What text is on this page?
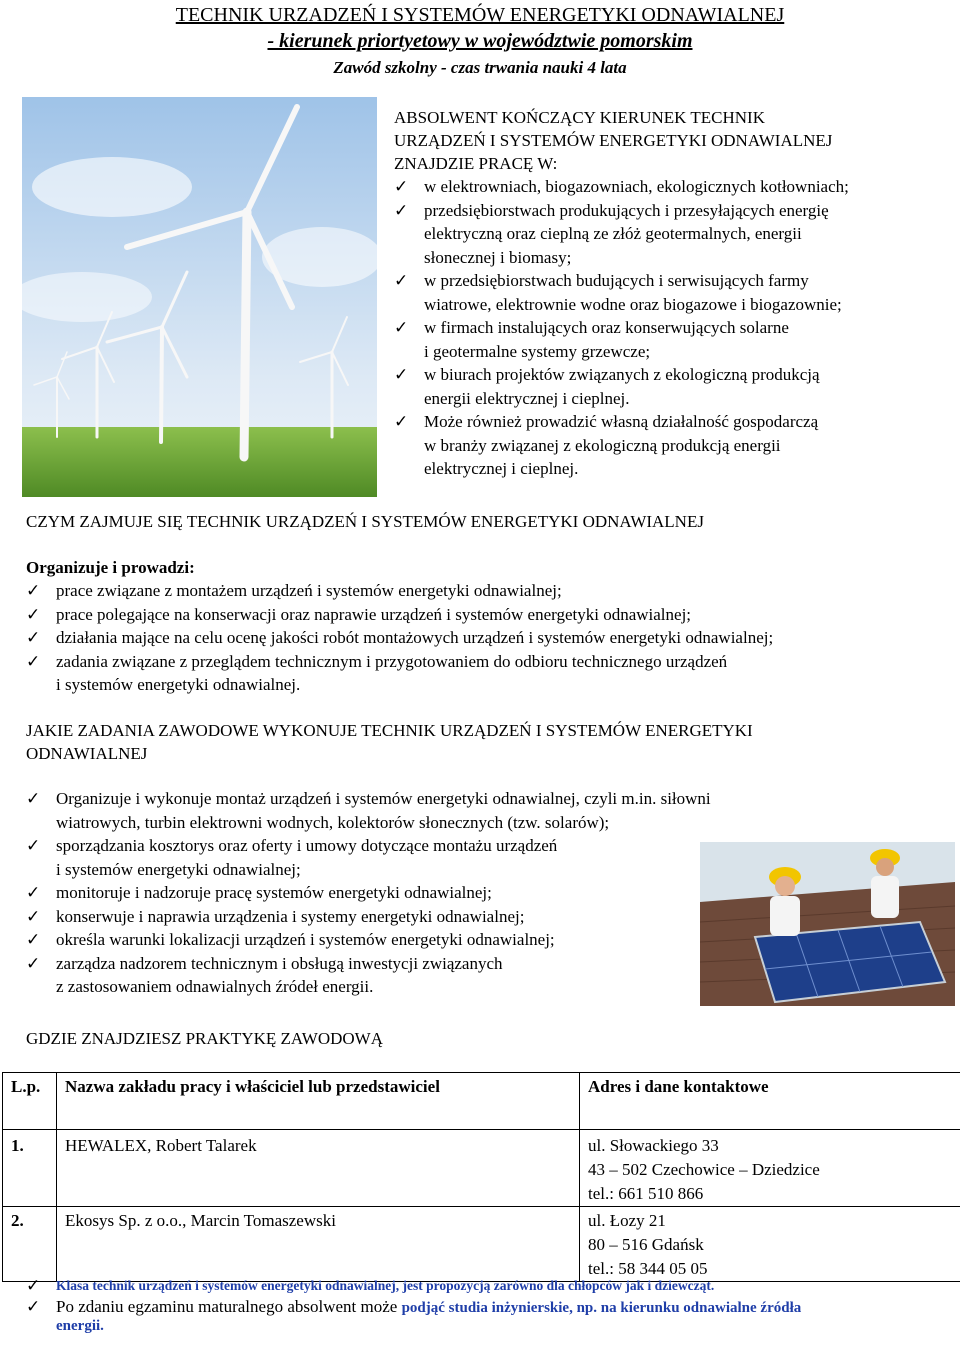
TECHNIK URZADZEŃ I SYSTEMÓW ENERGETYKI ODNAWIALNEJ
- kierunek priortyetowy w województwie pomorskim
Zawód szkolny - czas trwania nauki 4 lata
ABSOLWENT KOŃCZĄCY KIERUNEK TECHNIK
URZĄDZEŃ I SYSTEMÓW ENERGETYKI ODNAWIALNEJ
ZNAJDZIE PRACĘ W:
✓ w elektrowniach, biogazowniach, ekologicznych kotłowniach;
✓ przedsiębiorstwach produkujących i przesyłających energię
elektryczną oraz cieplną ze złóż geotermalnych, energii
słonecznej i biomasy;
✓ w przedsiębiorstwach budujących i serwisujących farmy
wiatrowe, elektrownie wodne oraz biogazowe i biogazownie;
✓ w firmach instalujących oraz konserwujących solarne
i geotermalne systemy grzewcze;
✓ w biurach projektów związanych z ekologiczną produkcją
energii elektrycznej i cieplnej.
✓ Może również prowadzić własną działalność gospodarczą
w branży związanej z ekologiczną produkcją energii
elektrycznej i cieplnej.
CZYM ZAJMUJE SIĘ TECHNIK URZĄDZEŃ I SYSTEMÓW ENERGETYKI ODNAWIALNEJ
Organizuje i prowadzi:
✓ prace związane z montażem urządzeń i systemów energetyki odnawialnej;
✓ prace polegające na konserwacji oraz naprawie urządzeń i systemów energetyki odnawialnej;
✓ działania mające na celu ocenę jakości robót montażowych urządzeń i systemów energetyki odnawialnej;
✓ zadania związane z przeglądem technicznym i przygotowaniem do odbioru technicznego urządzeń
i systemów energetyki odnawialnej.
JAKIE ZADANIA ZAWODOWE WYKONUJE TECHNIK URZĄDZEŃ I SYSTEMÓW ENERGETYKI
ODNAWIALNEJ
✓ Organizuje i wykonuje montaż urządzeń i systemów energetyki odnawialnej, czyli m.in. siłowni
wiatrowych, turbin elektrowni wodnych, kolektorów słonecznych (tzw. solarów);
✓ sporządzania kosztorys oraz oferty i umowy dotyczące montażu urządzeń
i systemów energetyki odnawialnej;
✓ monitoruje i nadzoruje pracę systemów energetyki odnawialnej;
✓ konserwuje i naprawia urządzenia i systemy energetyki odnawialnej;
✓ określa warunki lokalizacji urządzeń i systemów energetyki odnawialnej;
✓ zarządza nadzorem technicznym i obsługą inwestycji związanych
z zastosowaniem odnawialnych źródeł energii.
GDZIE ZNAJDZIESZ PRAKTYKĘ ZAWODOWĄ
L.p.	Nazwa zakładu pracy i właściciel lub przedstawiciel	Adres i dane kontaktowe
1.	HEWALEX, Robert Talarek	ul. Słowackiego 33
43 – 502 Czechowice – Dziedzice
tel.: 661 510 866

2.	Ekosys Sp. z o.o., Marcin Tomaszewski	ul. Łozy 21
80 – 516 Gdańsk
tel.: 58 344 05 05
✓ Klasa technik urządzeń i systemów energetyki odnawialnej, jest propozycją zarówno dla chłopców jak i dziewcząt.
✓ Po zdaniu egzaminu maturalnego absolwent może podjąć studia inżynierskie, np. na kierunku odnawialne źródła
energii.
